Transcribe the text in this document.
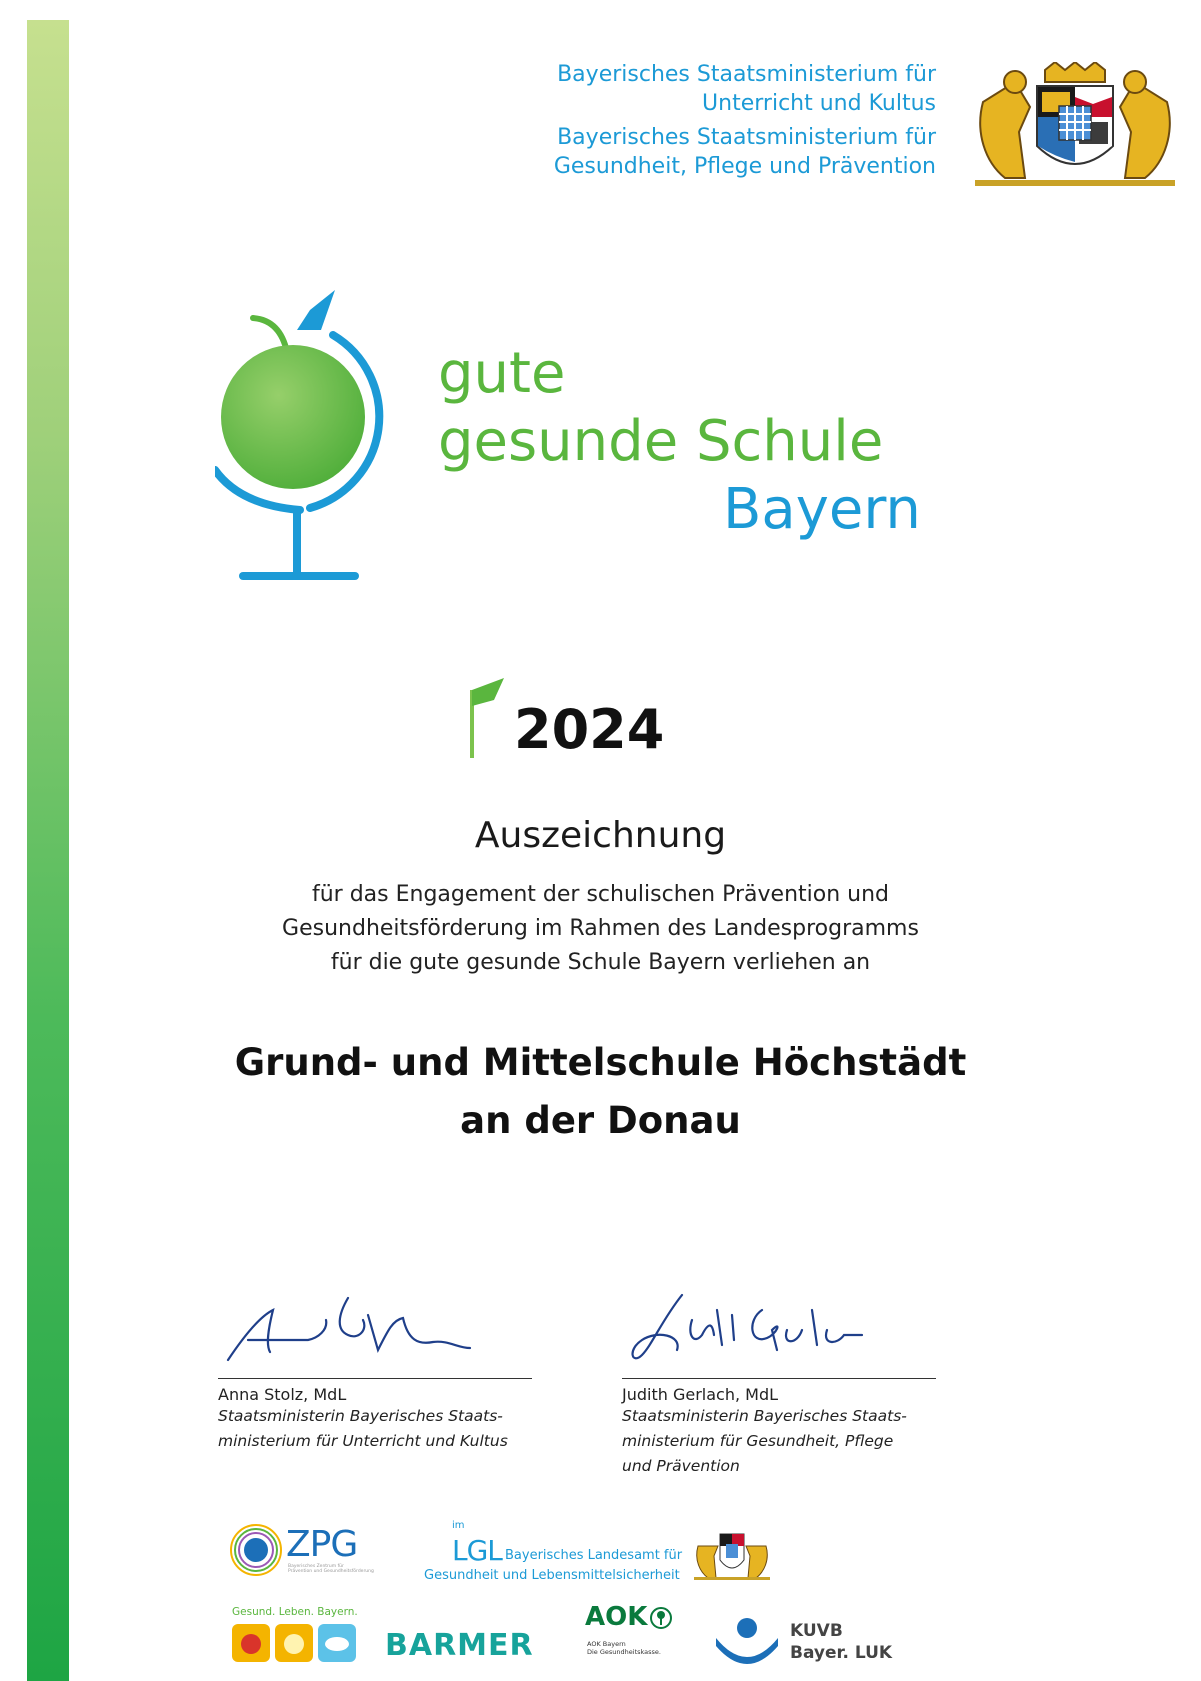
Bayerisches Staatsministerium für
Unterricht und Kultus
Bayerisches Staatsministerium für
Gesundheit, Pflege und Prävention
gute
gesunde Schule
Bayern
2024
Auszeichnung
für das Engagement der schulischen Prävention und
Gesundheitsförderung im Rahmen des Landesprogramms
für die gute gesunde Schule Bayern verliehen an
Grund- und Mittelschule Höchstädt
an der Donau
Anna Stolz, MdL
Staatsministerin Bayerisches Staats-
ministerium für Unterricht und Kultus
Judith Gerlach, MdL
Staatsministerin Bayerisches Staats-
ministerium für Gesundheit, Pflege
und Prävention
ZPG
Bayerisches Zentrum für
Prävention und Gesundheitsförderung
im
LGL Bayerisches Landesamt für
Gesundheit und Lebensmittelsicherheit
Gesund. Leben. Bayern.
BARMER
AOK
AOK Bayern
Die Gesundheitskasse.
KUVB
Bayer. LUK
